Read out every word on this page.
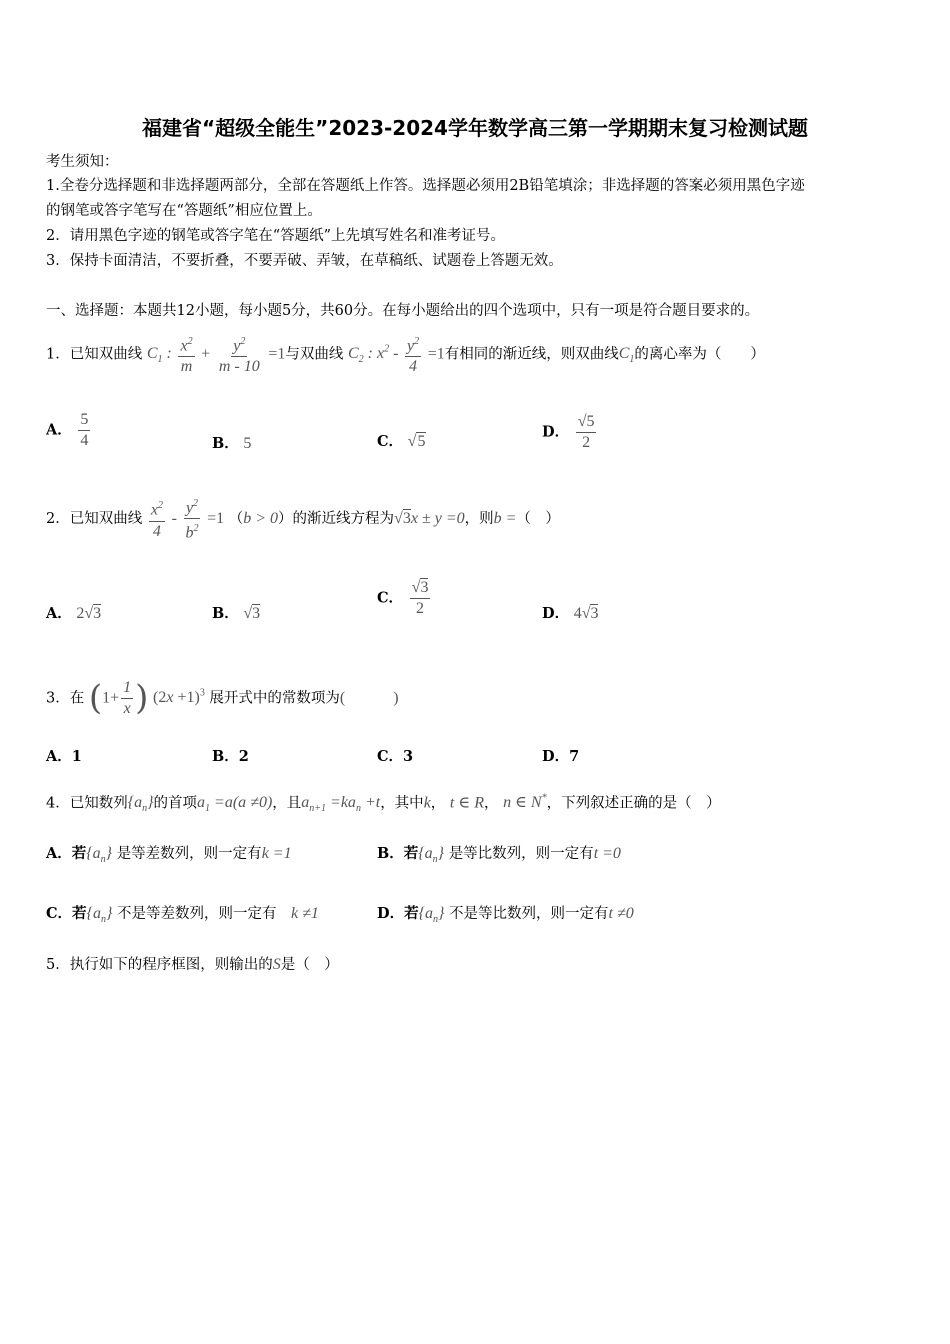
福建省“超级全能生”2023-2024学年数学高三第一学期期末复习检测试题
考生须知：
1.全卷分选择题和非选择题两部分，全部在答题纸上作答。选择题必须用2B铅笔填涂；非选择题的答案必须用黑色字迹
的钢笔或答字笔写在“答题纸”相应位置上。
2．请用黑色字迹的钢笔或答字笔在“答题纸”上先填写姓名和准考证号。
3．保持卡面清洁，不要折叠，不要弄破、弄皱，在草稿纸、试题卷上答题无效。
一、选择题：本题共12小题，每小题5分，共60分。在每小题给出的四个选项中，只有一项是符合题目要求的。
1．已知双曲线 $C_1$ : $\frac{x^2}{m} + \frac{y^2}{m - 10} =1$与双曲线 $C_2$ : $x^2 - \frac{y^2}{4} =1$有相同的渐近线，则双曲线$C_1$的离心率为（　　）
A． $\frac{5}{4}$	B． 5	C． √5
D． $\frac{√5}{2}$
2．已知双曲线 $\frac{x^2}{4} - \frac{y^2}{b^2} =1$ （b > 0）的渐近线方程为√3x ± y =0，则b =（　）
A． 2√3	B． √3
C． $\frac{√3}{2}$	D． 4√3
3．在 ($1+ \frac{1}{x}$ ) $(2x +1)^3$ 展开式中的常数项为(　　　)
A．1	B．2	C．3	D．7
4．已知数列$\{a_n\}$的首项$a_1 =a(a \ne 0)$，且$a_{n+1} =ka_n +t$，其中k， t ∈ R， n ∈ N*，下列叙述正确的是（　）
A．若$\{a_n\}$ 是等差数列，则一定有k =1	B．若$\{a_n\}$ 是等比数列，则一定有t =0
C．若$\{a_n\}$ 不是等差数列，则一定有　 k ≠1	D．若$\{a_n\}$ 不是等比数列，则一定有t ≠0
5．执行如下的程序框图，则输出的S是（　）
